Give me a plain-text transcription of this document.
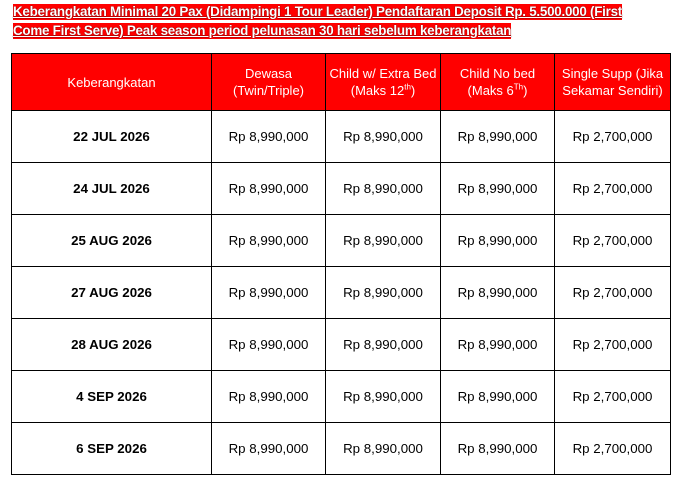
Keberangkatan Minimal 20 Pax (Didampingi 1 Tour Leader) Pendaftaran Deposit Rp. 5.500.000 (First
Come First Serve) Peak season period pelunasan 30 hari sebelum keberangkatan
Keberangkatan	Dewasa (Twin/Triple)	Child w/ Extra Bed (Maks 12th)	Child No bed (Maks 6Th)	Single Supp (Jika Sekamar Sendiri)
22 JUL 2026	Rp 8,990,000	Rp 8,990,000	Rp 8,990,000	Rp 2,700,000
24 JUL 2026	Rp 8,990,000	Rp 8,990,000	Rp 8,990,000	Rp 2,700,000
25 AUG 2026	Rp 8,990,000	Rp 8,990,000	Rp 8,990,000	Rp 2,700,000
27 AUG 2026	Rp 8,990,000	Rp 8,990,000	Rp 8,990,000	Rp 2,700,000
28 AUG 2026	Rp 8,990,000	Rp 8,990,000	Rp 8,990,000	Rp 2,700,000
4 SEP 2026	Rp 8,990,000	Rp 8,990,000	Rp 8,990,000	Rp 2,700,000
6 SEP 2026	Rp 8,990,000	Rp 8,990,000	Rp 8,990,000	Rp 2,700,000
